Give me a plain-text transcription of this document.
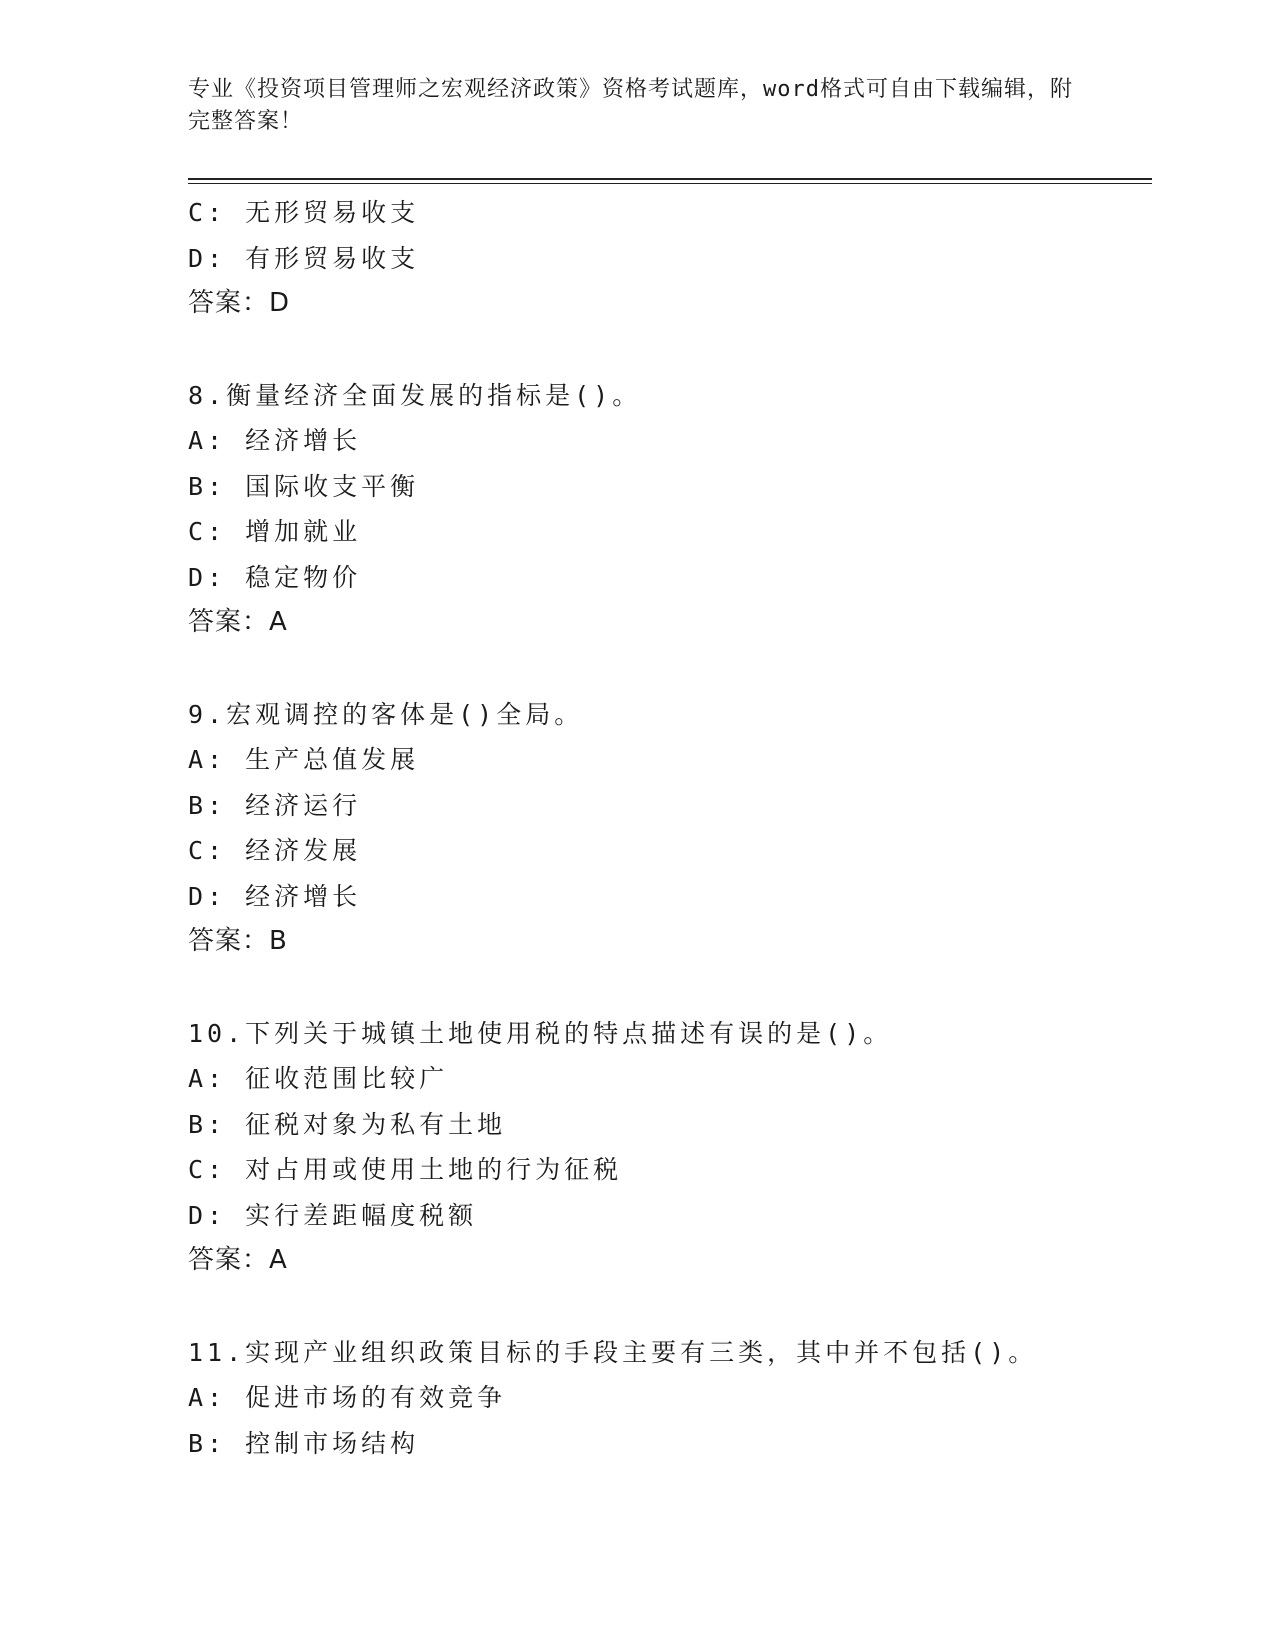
专业《投资项目管理师之宏观经济政策》资格考试题库，word格式可自由下载编辑，附完整答案！
C: 无形贸易收支
D: 有形贸易收支
答案：D
8.衡量经济全面发展的指标是()。
A: 经济增长
B: 国际收支平衡
C: 增加就业
D: 稳定物价
答案：A
9.宏观调控的客体是()全局。
A: 生产总值发展
B: 经济运行
C: 经济发展
D: 经济增长
答案：B
10.下列关于城镇土地使用税的特点描述有误的是()。
A: 征收范围比较广
B: 征税对象为私有土地
C: 对占用或使用土地的行为征税
D: 实行差距幅度税额
答案：A
11.实现产业组织政策目标的手段主要有三类，其中并不包括()。
A: 促进市场的有效竞争
B: 控制市场结构
